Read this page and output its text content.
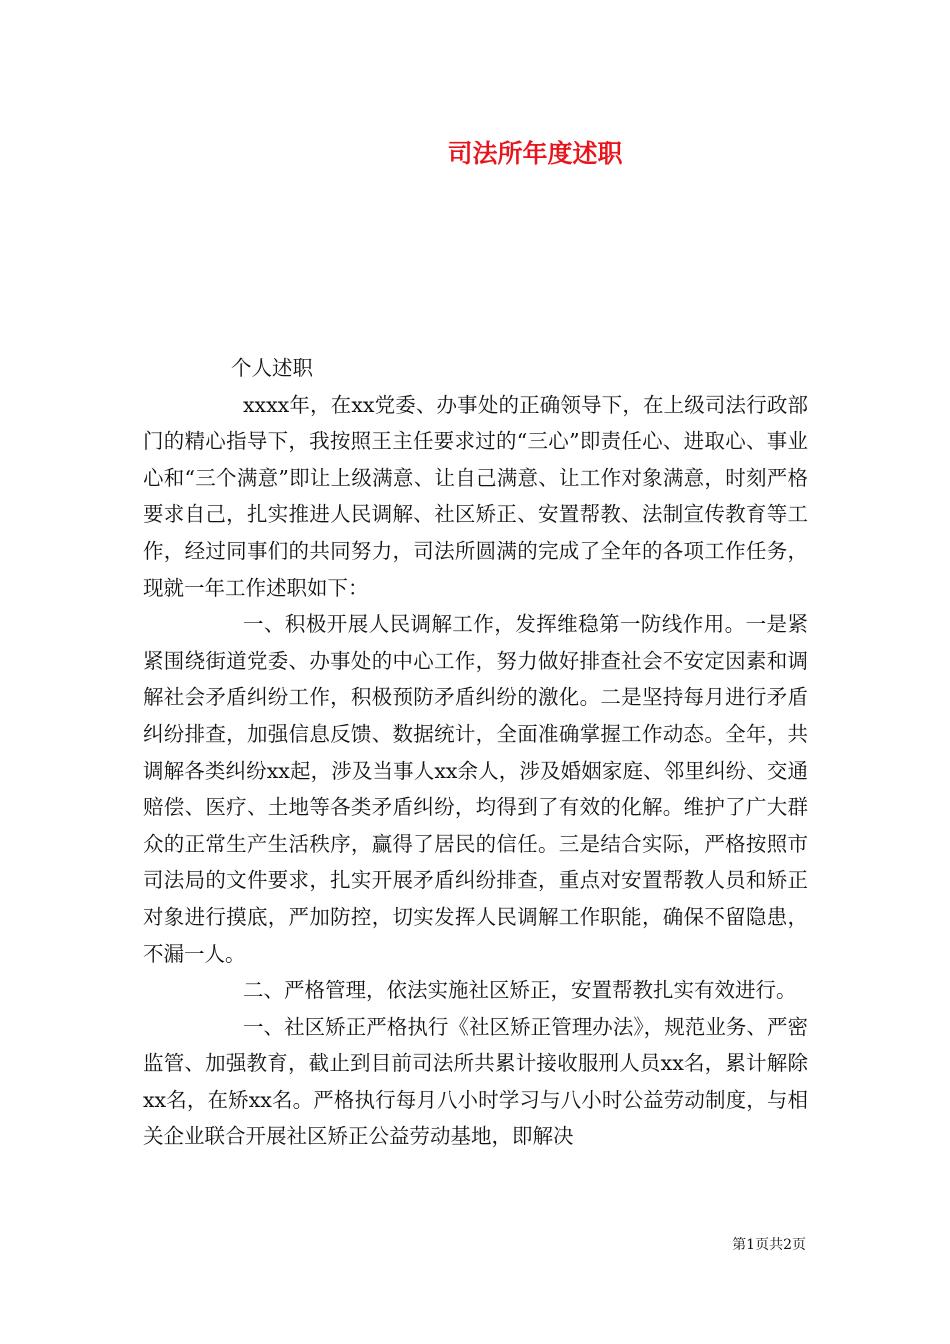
司法所年度述职

个人述职

xxxx年，在xx党委、办事处的正确领导下，在上级司法行政部门的精心指导下，我按照王主任要求过的“三心”即责任心、进取心、事业心和“三个满意”即让上级满意、让自己满意、让工作对象满意，时刻严格要求自己，扎实推进人民调解、社区矫正、安置帮教、法制宣传教育等工作，经过同事们的共同努力，司法所圆满的完成了全年的各项工作任务，现就一年工作述职如下：

一、积极开展人民调解工作，发挥维稳第一防线作用。一是紧紧围绕街道党委、办事处的中心工作，努力做好排查社会不安定因素和调解社会矛盾纠纷工作，积极预防矛盾纠纷的激化。二是坚持每月进行矛盾纠纷排查，加强信息反馈、数据统计，全面准确掌握工作动态。全年，共调解各类纠纷xx起，涉及当事人xx余人，涉及婚姻家庭、邻里纠纷、交通赔偿、医疗、土地等各类矛盾纠纷，均得到了有效的化解。维护了广大群众的正常生产生活秩序，赢得了居民的信任。三是结合实际，严格按照市司法局的文件要求，扎实开展矛盾纠纷排查，重点对安置帮教人员和矫正对象进行摸底，严加防控，切实发挥人民调解工作职能，确保不留隐患，不漏一人。

二、严格管理，依法实施社区矫正，安置帮教扎实有效进行。

一、社区矫正严格执行《社区矫正管理办法》，规范业务、严密监管、加强教育，截止到目前司法所共累计接收服刑人员xx名，累计解除xx名，在矫xx名。严格执行每月八小时学习与八小时公益劳动制度，与相关企业联合开展社区矫正公益劳动基地，即解决

第1页共2页
